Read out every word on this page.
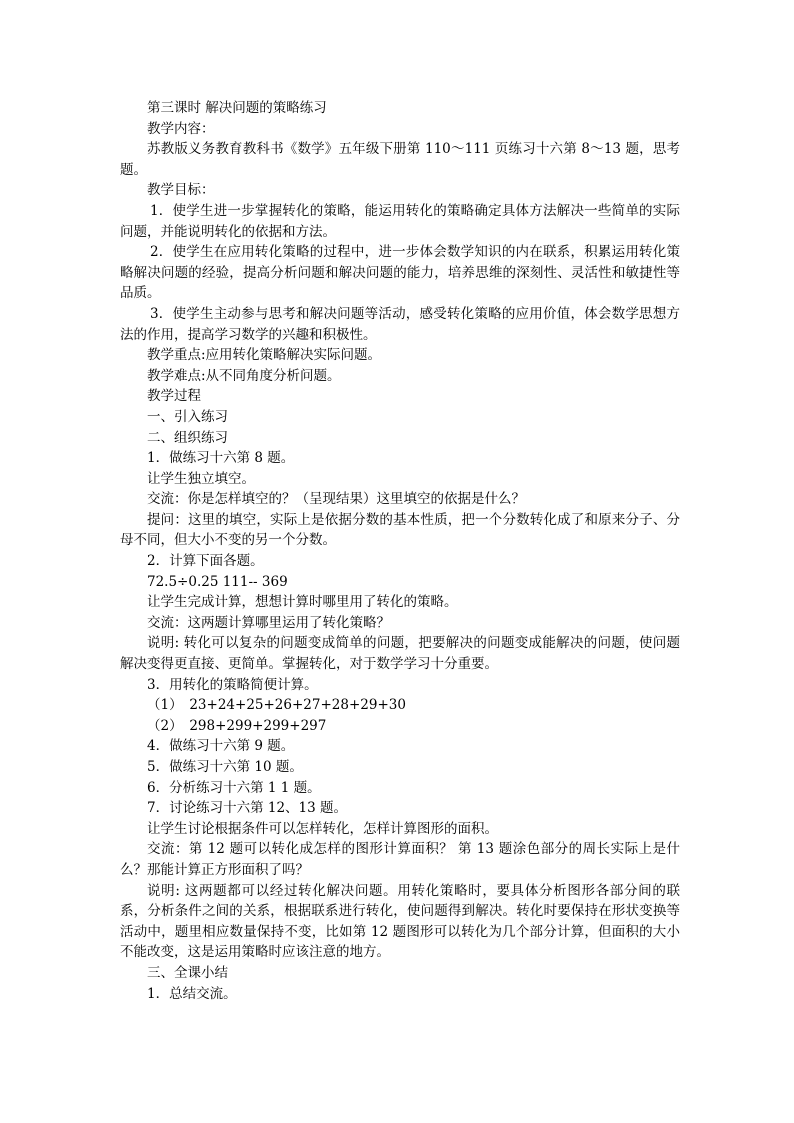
第三课时 解决问题的策略练习

教学内容：

苏教版义务教育教科书《数学》五年级下册第 110～111 页练习十六第 8～13 题，思考题。

教学目标：

1．使学生进一步掌握转化的策略，能运用转化的策略确定具体方法解决一些简单的实际问题，并能说明转化的依据和方法。

2．使学生在应用转化策略的过程中，进一步体会数学知识的内在联系，积累运用转化策略解决问题的经验，提高分析问题和解决问题的能力，培养思维的深刻性、灵活性和敏捷性等品质。

3．使学生主动参与思考和解决问题等活动，感受转化策略的应用价值，体会数学思想方法的作用，提高学习数学的兴趣和积极性。

教学重点:应用转化策略解决实际问题。

教学难点:从不同角度分析问题。

教学过程

一、引入练习

二、组织练习

1．做练习十六第 8 题。

让学生独立填空。

交流：你是怎样填空的？（呈现结果）这里填空的依据是什么？

提问：这里的填空，实际上是依据分数的基本性质，把一个分数转化成了和原来分子、分母不同，但大小不变的另一个分数。

2．计算下面各题。

72.5÷0.25 111-- 369

让学生完成计算，想想计算时哪里用了转化的策略。

交流：这两题计算哪里运用了转化策略？

说明: 转化可以复杂的问题变成简单的问题，把要解决的问题变成能解决的问题，使问题解决变得更直接、更简单。掌握转化，对于数学学习十分重要。

3．用转化的策略简便计算。

（1）　23+24+25+26+27+28+29+30

（2）　298+299+299+297

4．做练习十六第 9 题。

5．做练习十六第 10 题。

6．分析练习十六第 1 1 题。

7．讨论练习十六第 12、13 题。

让学生讨论根据条件可以怎样转化，怎样计算图形的面积。

交流：第 12 题可以转化成怎样的图形计算面积？ 第 13 题涂色部分的周长实际上是什么？那能计算正方形面积了吗？

说明: 这两题都可以经过转化解决问题。用转化策略时，要具体分析图形各部分间的联系，分析条件之间的关系，根据联系进行转化，使问题得到解决。转化时要保持在形状变换等活动中，题里相应数量保持不变，比如第 12 题图形可以转化为几个部分计算，但面积的大小不能改变，这是运用策略时应该注意的地方。

三、全课小结

1．总结交流。
